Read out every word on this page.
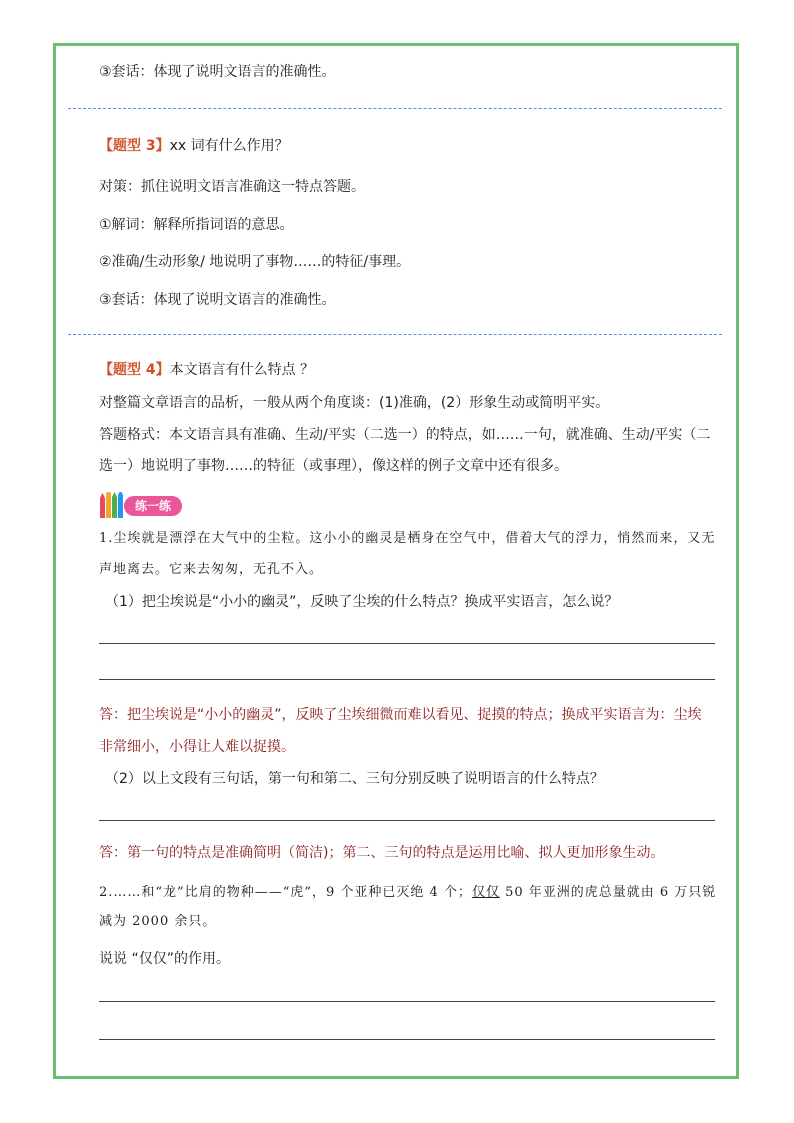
③套话：体现了说明文语言的准确性。
【题型 3】xx 词有什么作用？
对策：抓住说明文语言准确这一特点答题。
①解词：解释所指词语的意思。
②准确/生动形象/ 地说明了事物……的特征/事理。
③套话：体现了说明文语言的准确性。
【题型 4】本文语言有什么特点 ？
对整篇文章语言的品析，一般从两个角度谈：(1)准确，(2）形象生动或简明平实。
答题格式：本文语言具有准确、生动/平实（二选一）的特点，如……一句，就准确、生动/平实（二
选一）地说明了事物……的特征（或事理），像这样的例子文章中还有很多。
练一练
1.尘埃就是漂浮在大气中的尘粒。这小小的幽灵是栖身在空气中，借着大气的浮力，悄然而来，又无
声地离去。它来去匆匆，无孔不入。
（1）把尘埃说是“小小的幽灵”，反映了尘埃的什么特点？换成平实语言，怎么说？
答：把尘埃说是“小小的幽灵”，反映了尘埃细微而难以看见、捉摸的特点；换成平实语言为：尘埃
非常细小，小得让人难以捉摸。
（2）以上文段有三句话，第一句和第二、三句分别反映了说明语言的什么特点？
答：第一句的特点是准确简明（简洁)；第二、三句的特点是运用比喻、拟人更加形象生动。
2.……和“龙”比肩的物种——“虎”，9 个亚种已灭绝 4 个；仅仅 50 年亚洲的虎总量就由 6 万只锐
减为 2000 余只。
说说 “仅仅”的作用。
